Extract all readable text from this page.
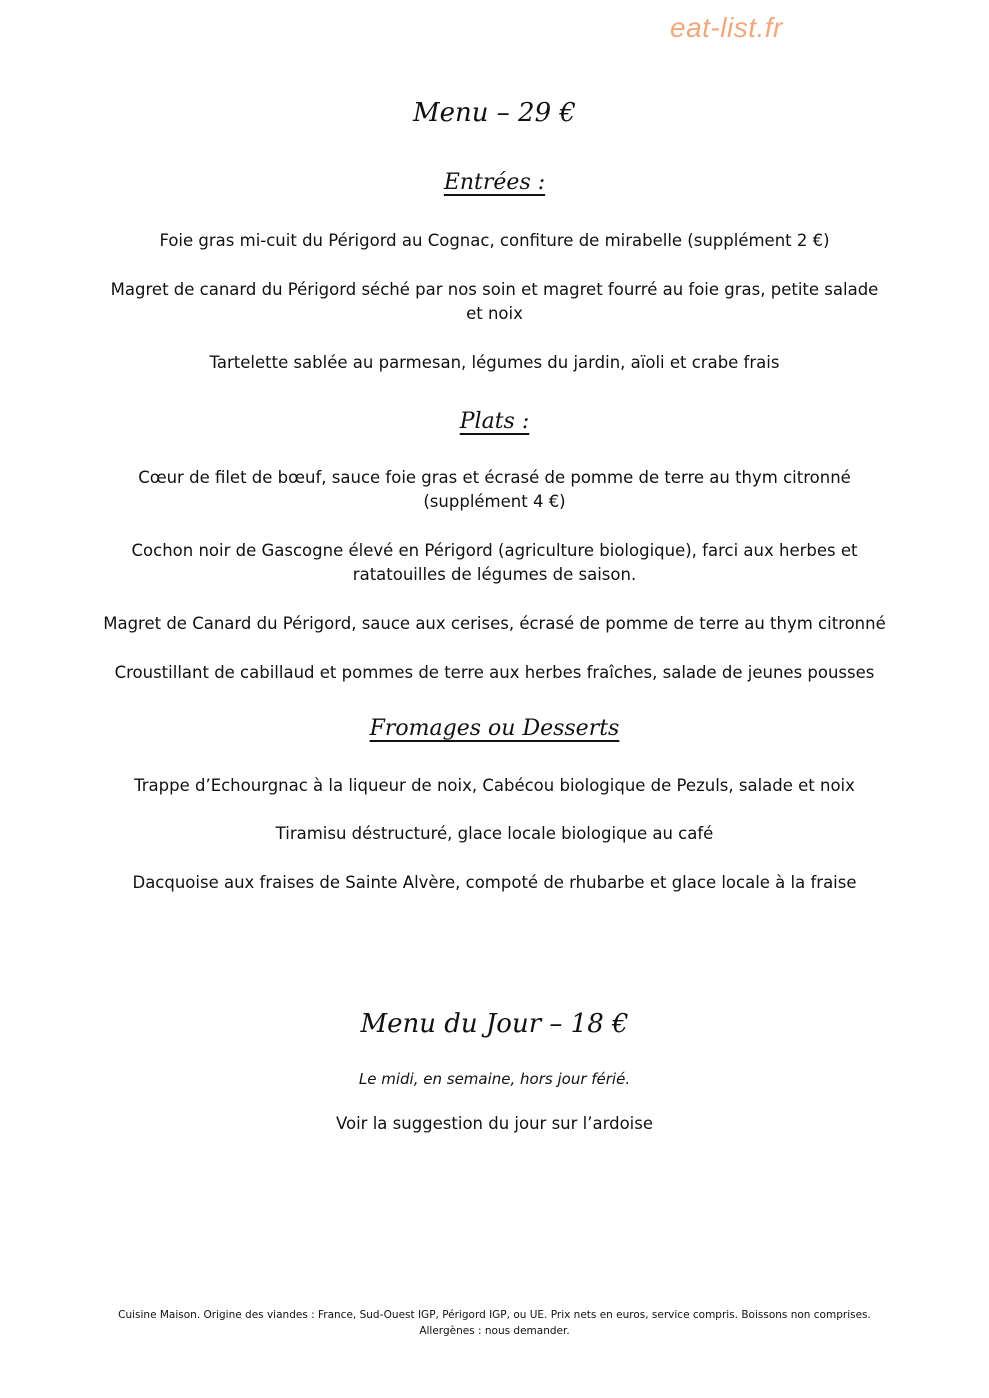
eat-list.fr
Menu – 29 €
Entrées :
Foie gras mi-cuit du Périgord au Cognac, confiture de mirabelle (supplément 2 €)
Magret de canard du Périgord séché par nos soin et magret fourré au foie gras, petite salade et noix
Tartelette sablée au parmesan, légumes du jardin, aïoli et crabe frais
Plats :
Cœur de filet de bœuf, sauce foie gras et écrasé de pomme de terre au thym citronné (supplément 4 €)
Cochon noir de Gascogne élevé en Périgord (agriculture biologique), farci aux herbes et ratatouilles de légumes de saison.
Magret de Canard du Périgord, sauce aux cerises, écrasé de pomme de terre au thym citronné
Croustillant de cabillaud et pommes de terre aux herbes fraîches, salade de jeunes pousses
Fromages ou Desserts
Trappe d’Echourgnac à la liqueur de noix, Cabécou biologique de Pezuls, salade et noix
Tiramisu déstructuré, glace locale biologique au café
Dacquoise aux fraises de Sainte Alvère, compoté de rhubarbe et glace locale à la fraise
Menu du Jour – 18 €
Le midi, en semaine, hors jour férié.
Voir la suggestion du jour sur l’ardoise
Cuisine Maison. Origine des viandes : France, Sud-Ouest IGP, Périgord IGP, ou UE. Prix nets en euros, service compris. Boissons non comprises.
Allergènes : nous demander.
